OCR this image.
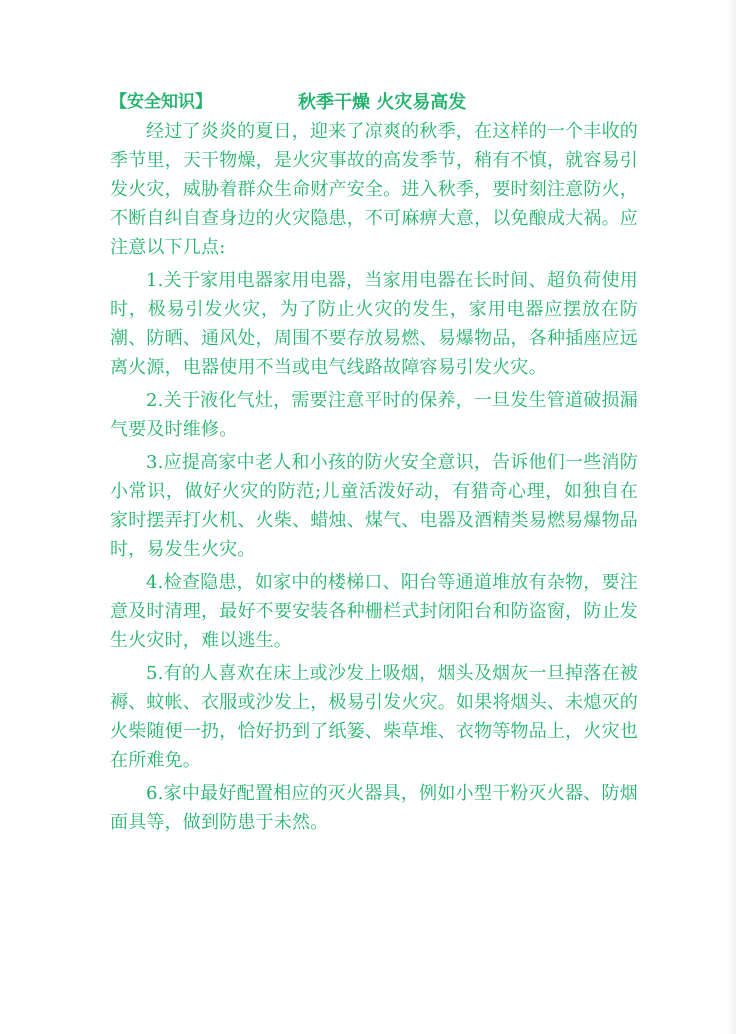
【安全知识】	秋季干燥 火灾易高发

经过了炎炎的夏日，迎来了凉爽的秋季，在这样的一个丰收的季节里，天干物燥，是火灾事故的高发季节，稍有不慎，就容易引发火灾，威胁着群众生命财产安全。进入秋季，要时刻注意防火，不断自纠自查身边的火灾隐患，不可麻痹大意，以免酿成大祸。应注意以下几点:

1.关于家用电器家用电器，当家用电器在长时间、超负荷使用时，极易引发火灾，为了防止火灾的发生，家用电器应摆放在防潮、防晒、通风处，周围不要存放易燃、易爆物品，各种插座应远离火源，电器使用不当或电气线路故障容易引发火灾。

2.关于液化气灶，需要注意平时的保养，一旦发生管道破损漏气要及时维修。

3.应提高家中老人和小孩的防火安全意识，告诉他们一些消防小常识，做好火灾的防范;儿童活泼好动，有猎奇心理，如独自在家时摆弄打火机、火柴、蜡烛、煤气、电器及酒精类易燃易爆物品时，易发生火灾。

4.检查隐患，如家中的楼梯口、阳台等通道堆放有杂物，要注意及时清理，最好不要安装各种栅栏式封闭阳台和防盗窗，防止发生火灾时，难以逃生。

5.有的人喜欢在床上或沙发上吸烟，烟头及烟灰一旦掉落在被褥、蚊帐、衣服或沙发上，极易引发火灾。如果将烟头、未熄灭的火柴随便一扔，恰好扔到了纸篓、柴草堆、衣物等物品上，火灾也在所难免。

6.家中最好配置相应的灭火器具，例如小型干粉灭火器、防烟面具等，做到防患于未然。
